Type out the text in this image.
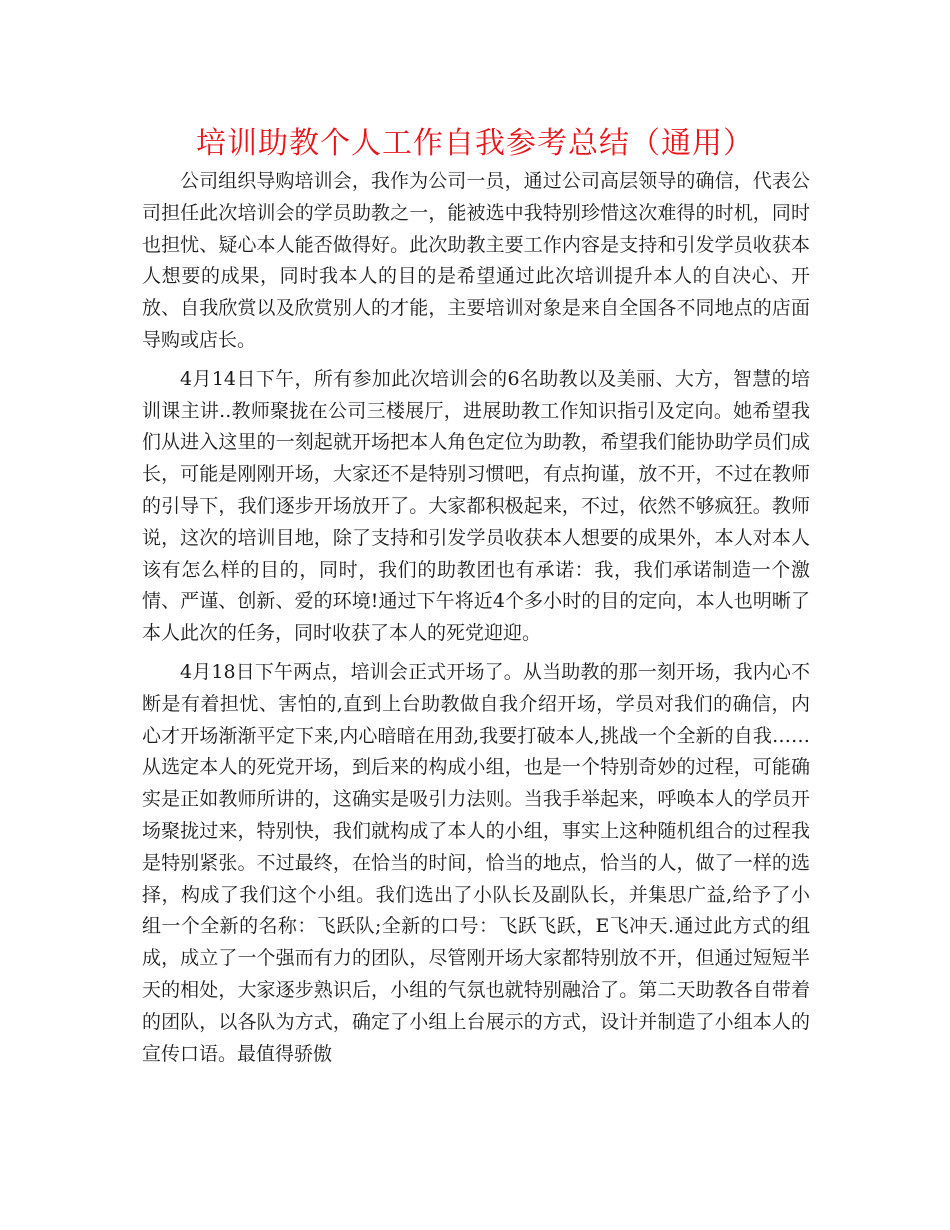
培训助教个人工作自我参考总结（通用）

公司组织导购培训会，我作为公司一员，通过公司高层领导的确信，代表公司担任此次培训会的学员助教之一，能被选中我特别珍惜这次难得的时机，同时也担忧、疑心本人能否做得好。此次助教主要工作内容是支持和引发学员收获本人想要的成果，同时我本人的目的是希望通过此次培训提升本人的自决心、开放、自我欣赏以及欣赏别人的才能，主要培训对象是来自全国各不同地点的店面导购或店长。

4月14日下午，所有参加此次培训会的6名助教以及美丽、大方，智慧的培训课主讲..教师聚拢在公司三楼展厅，进展助教工作知识指引及定向。她希望我们从进入这里的一刻起就开场把本人角色定位为助教，希望我们能协助学员们成长，可能是刚刚开场，大家还不是特别习惯吧，有点拘谨，放不开，不过在教师的引导下，我们逐步开场放开了。大家都积极起来，不过，依然不够疯狂。教师说，这次的培训目地，除了支持和引发学员收获本人想要的成果外，本人对本人该有怎么样的目的，同时，我们的助教团也有承诺：我，我们承诺制造一个激情、严谨、创新、爱的环境!通过下午将近4个多小时的目的定向，本人也明晰了本人此次的任务，同时收获了本人的死党迎迎。

4月18日下午两点，培训会正式开场了。从当助教的那一刻开场，我内心不断是有着担忧、害怕的,直到上台助教做自我介绍开场，学员对我们的确信，内心才开场渐渐平定下来,内心暗暗在用劲,我要打破本人,挑战一个全新的自我……从选定本人的死党开场，到后来的构成小组，也是一个特别奇妙的过程，可能确实是正如教师所讲的，这确实是吸引力法则。当我手举起来，呼唤本人的学员开场聚拢过来，特别快，我们就构成了本人的小组，事实上这种随机组合的过程我是特别紧张。不过最终，在恰当的时间，恰当的地点，恰当的人，做了一样的选择，构成了我们这个小组。我们选出了小队长及副队长，并集思广益,给予了小组一个全新的名称：飞跃队;全新的口号：飞跃飞跃，E飞冲天.通过此方式的组成，成立了一个强而有力的团队，尽管刚开场大家都特别放不开，但通过短短半天的相处，大家逐步熟识后，小组的气氛也就特别融洽了。第二天助教各自带着的团队，以各队为方式，确定了小组上台展示的方式，设计并制造了小组本人的宣传口语。最值得骄傲
